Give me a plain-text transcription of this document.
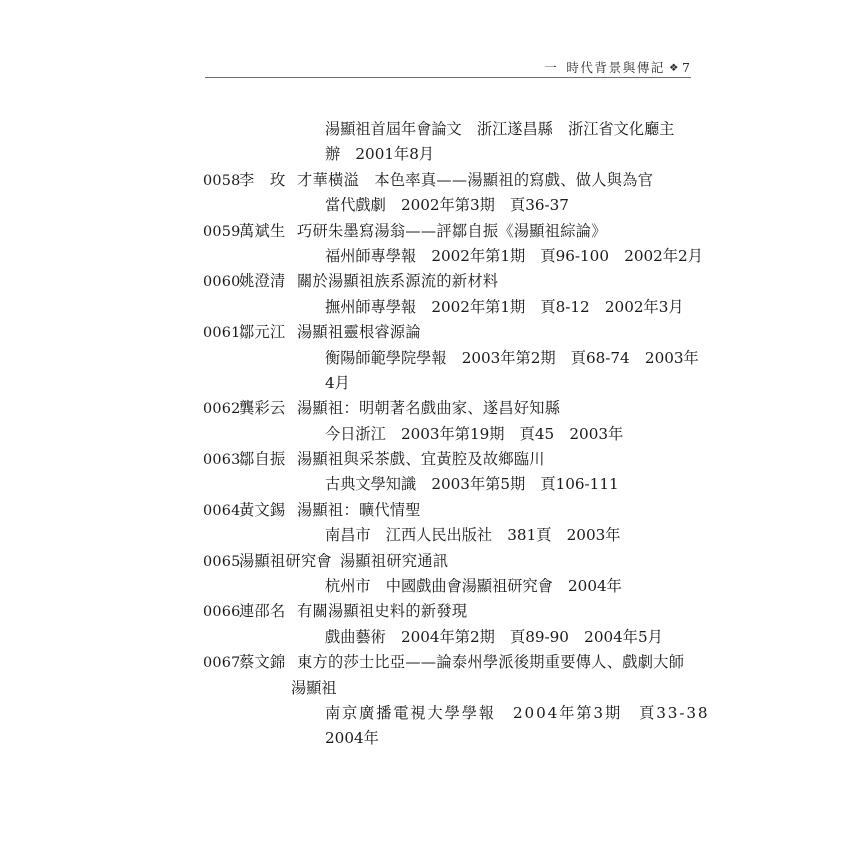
一 時代背景與傳記 ❖ 7
湯顯祖首屆年會論文　浙江遂昌縣　浙江省文化廳主
辦　2001年8月
0058李　玫 才華橫溢　本色率真——湯顯祖的寫戲、做人與為官
當代戲劇　2002年第3期　頁36-37
0059萬斌生 巧研朱墨寫湯翁——評鄒自振《湯顯祖綜論》
福州師專學報　2002年第1期　頁96-100　2002年2月
0060姚澄清 關於湯顯祖族系源流的新材料
撫州師專學報　2002年第1期　頁8-12　2002年3月
0061鄒元江 湯顯祖靈根睿源論
衡陽師範學院學報　2003年第2期　頁68-74　2003年
4月
0062龔彩云 湯顯祖：明朝著名戲曲家、遂昌好知縣
今日浙江　2003年第19期　頁45　2003年
0063鄒自振 湯顯祖與采茶戲、宜黃腔及故鄉臨川
古典文學知識　2003年第5期　頁106-111
0064黃文錫 湯顯祖：曠代情聖
南昌市　江西人民出版社　381頁　2003年
0065湯顯祖研究會 湯顯祖研究通訊
杭州市　中國戲曲會湯顯祖研究會　2004年
0066連邵名 有關湯顯祖史料的新發現
戲曲藝術　2004年第2期　頁89-90　2004年5月
0067蔡文錦 東方的莎士比亞——論泰州學派後期重要傳人、戲劇大師
湯顯祖
南京廣播電視大學學報　2004年第3期　頁33-38
2004年
